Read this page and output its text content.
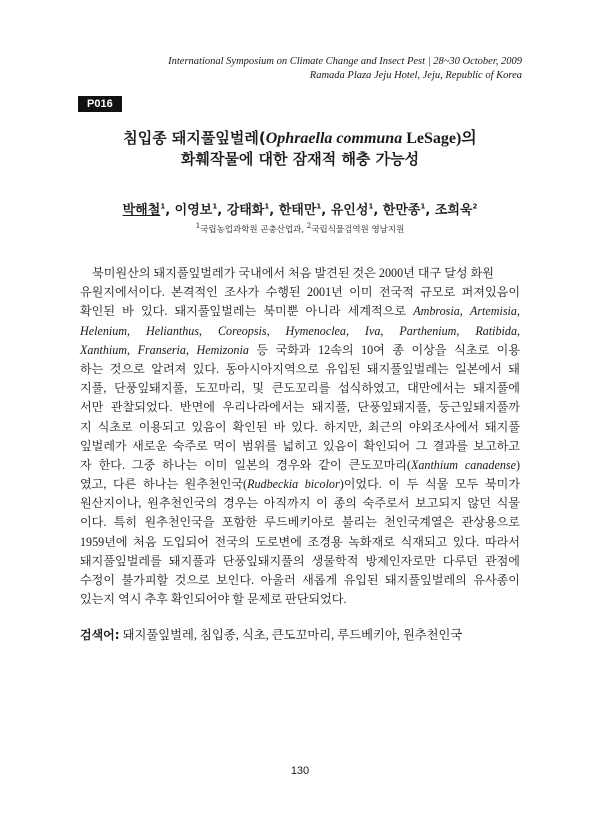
International Symposium on Climate Change and Insect Pest | 28~30 October, 2009
Ramada Plaza Jeju Hotel, Jeju, Republic of Korea
P016
침입종 돼지풀잎벌레(Ophraella communa LeSage)의
화훼작물에 대한 잠재적 해충 가능성
박해철$^1$, 이영보$^1$, 강태화$^1$, 한태만$^1$, 유인성$^1$, 한만종$^1$, 조희욱$^2$
$^1$국립농업과학원 곤충산업과, $^2$국립식물검역원 영남지원
　북미원산의 돼지풀잎벌레가 국내에서 처음 발견된 것은 2000년 대구 달성 화원
유원지에서이다. 본격적인 조사가 수행된 2001년 이미 전국적 규모로 퍼져있음이
확인된 바 있다. 돼지풀잎벌레는 북미뿐 아니라 세계적으로 Ambrosia, Artemisia,
Helenium, Helianthus, Coreopsis, Hymenoclea, Iva, Parthenium, Ratibida,
Xanthium, Franseria, Hemizonia 등 국화과 12속의 10여 종 이상을 식초로 이용
하는 것으로 알려져 있다. 동아시아지역으로 유입된 돼지풀잎벌레는 일본에서 돼
지풀, 단풍잎돼지풀, 도꼬마리, 및 큰도꼬리를 섭식하였고, 대만에서는 돼지풀에
서만 관찰되었다. 반면에 우리나라에서는 돼지풀, 단풍잎돼지풀, 둥근잎돼지풀까
지 식초로 이용되고 있음이 확인된 바 있다. 하지만, 최근의 야외조사에서 돼지풀
잎벌레가 새로운 숙주로 먹이 범위를 넓히고 있음이 확인되어 그 결과를 보고하고
자 한다. 그중 하나는 이미 일본의 경우와 같이 큰도꼬마리(Xanthium canadense)
였고, 다른 하나는 원추천인국(Rudbeckia bicolor)이었다. 이 두 식물 모두 북미가
원산지이나, 원추천인국의 경우는 아직까지 이 종의 숙주로서 보고되지 않던 식물
이다. 특히 원추천인국을 포함한 루드베키아로 불리는 천인국계열은 관상용으로
1959년에 처음 도입되어 전국의 도로변에 조경용 녹화재로 식재되고 있다. 따라서
돼지풀잎벌레를 돼지풀과 단풍잎돼지풀의 생물학적 방제인자로만 다루던 관점에
수정이 불가피할 것으로 보인다. 아울러 새롭게 유입된 돼지풀잎벌레의 유사종이
있는지 역시 추후 확인되어야 할 문제로 판단되었다.
검색어: 돼지풀잎벌레, 침입종, 식초, 큰도꼬마리, 루드베키아, 원추천인국
130
